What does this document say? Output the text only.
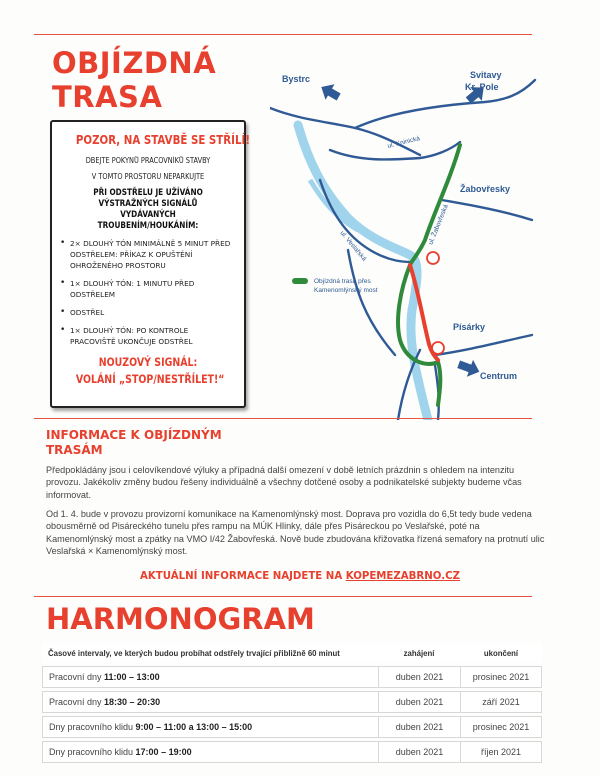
OBJÍZDNÁ
TRASA
POZOR, NA STAVBĚ SE STŘÍLÍ!
DBEJTE POKYNŮ PRACOVNÍKŮ STAVBY
V TOMTO PROSTORU NEPARKUJTE
PŘI ODSTŘELU JE UŽÍVÁNO
VÝSTRAŽNÝCH SIGNÁLŮ VYDÁVANÝCH
TROUBENÍM/HOUKÁNÍM:
• 2× DLOUHÝ TÓN MINIMÁLNĚ 5 MINUT PŘED ODSTŘELEM: PŘÍKAZ K OPUŠTĚNÍ OHROŽENÉHO PROSTORU
• 1× DLOUHÝ TÓN: 1 MINUTU PŘED ODSTŘELEM
• ODSTŘEL
• 1× DLOUHÝ TÓN: PO KONTROLE PRACOVIŠTĚ UKONČUJE ODSTŘEL
NOUZOVÝ SIGNÁL:
VOLÁNÍ „STOP/NESTŘÍLET!“
Bystrc	Svitavy
Kr. Pole
ul. Kninická
Žabovřesky
ul. Žabovřeská
ul. Veslařská
Objízdná trasa přes
Kamenomlýnský most
Písárky
Centrum
INFORMACE K OBJÍZDNÝM
TRASÁM

Předpokládány jsou i celovíkendové výluky a případná další omezení v době letních prázdnin s ohledem na intenzitu provozu. Jakékoliv změny budou řešeny individuálně a všechny dotčené osoby a podnikatelské subjekty budeme včas informovat.

Od 1. 4. bude v provozu provizorní komunikace na Kamenomlýnský most. Doprava pro vozidla do 6,5t tedy bude vedena obousměrně od Pisáreckého tunelu přes rampu na MÚK Hlinky, dále přes Pisáreckou po Veslařské, poté na Kamenomlýnský most a zpátky na VMO I/42 Žabovřeská. Nově bude zbudována křižovatka řízená semafory na protnutí ulic Veslařská × Kamenomlýnský most.

AKTUÁLNÍ INFORMACE NAJDETE NA KOPEMEZABRNO.CZ
HARMONOGRAM
Časové intervaly, ve kterých budou probíhat odstřely trvající přibližně 60 minut	zahájení	ukončení
Pracovní dny 11:00 – 13:00	duben 2021	prosinec 2021
Pracovní dny 18:30 – 20:30	duben 2021	září 2021
Dny pracovního klidu 9:00 – 11:00 a 13:00 – 15:00	duben 2021	prosinec 2021
Dny pracovního klidu 17:00 – 19:00	duben 2021	říjen 2021
